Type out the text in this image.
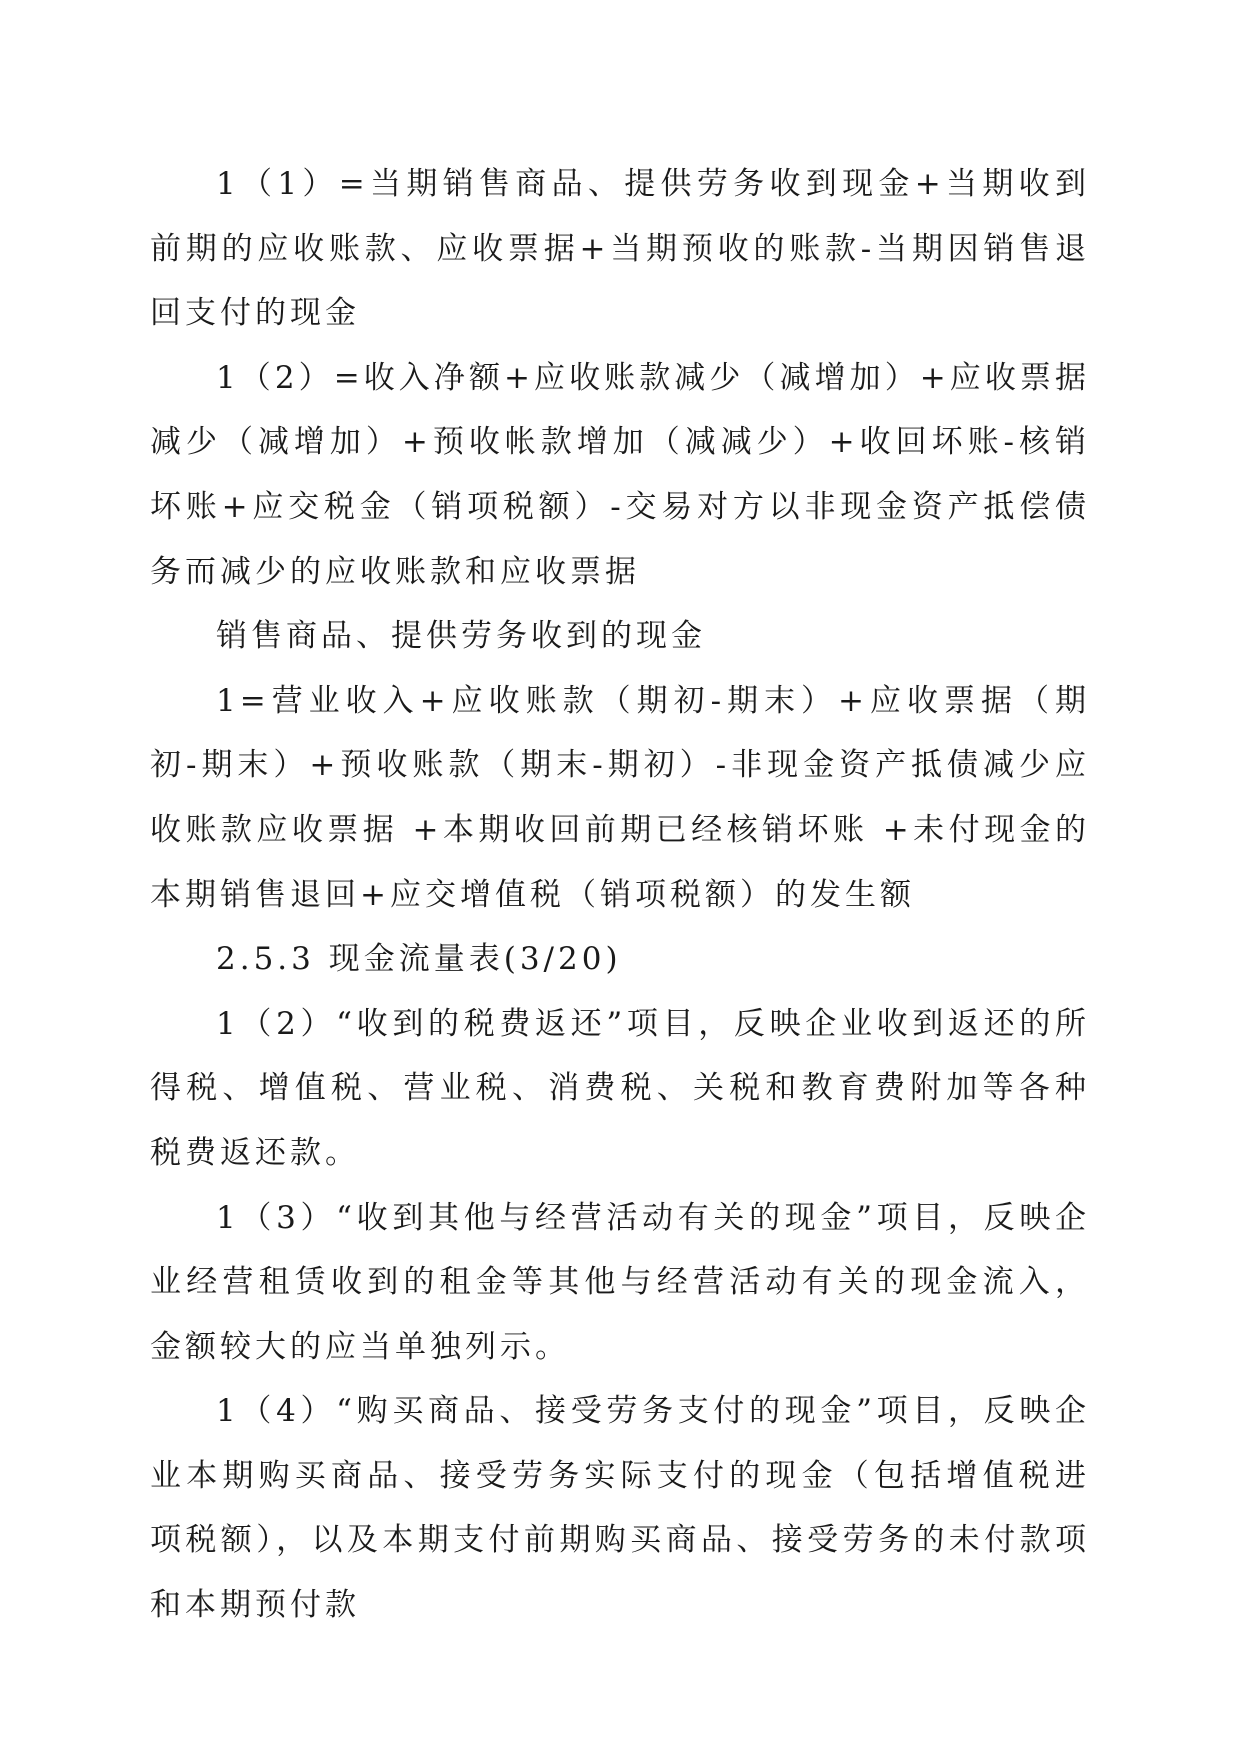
1（1）=当期销售商品、提供劳务收到现金+当期收到前期的应收账款、应收票据+当期预收的账款-当期因销售退回支付的现金

1（2）=收入净额+应收账款减少（减增加）+应收票据减少（减增加）+预收帐款增加（减减少）+收回坏账-核销坏账+应交税金（销项税额）-交易对方以非现金资产抵偿债务而减少的应收账款和应收票据

销售商品、提供劳务收到的现金

1=营业收入+应收账款（期初-期末）+应收票据（期初-期末）+预收账款（期末-期初）-非现金资产抵债减少应收账款应收票据 +本期收回前期已经核销坏账 +未付现金的本期销售退回+应交增值税（销项税额）的发生额

2.5.3 现金流量表(3/20)

1（2）“收到的税费返还”项目，反映企业收到返还的所得税、增值税、营业税、消费税、关税和教育费附加等各种税费返还款。

1（3）“收到其他与经营活动有关的现金”项目，反映企业经营租赁收到的租金等其他与经营活动有关的现金流入，金额较大的应当单独列示。

1（4）“购买商品、接受劳务支付的现金”项目，反映企业本期购买商品、接受劳务实际支付的现金（包括增值税进项税额），以及本期支付前期购买商品、接受劳务的未付款项和本期预付款
